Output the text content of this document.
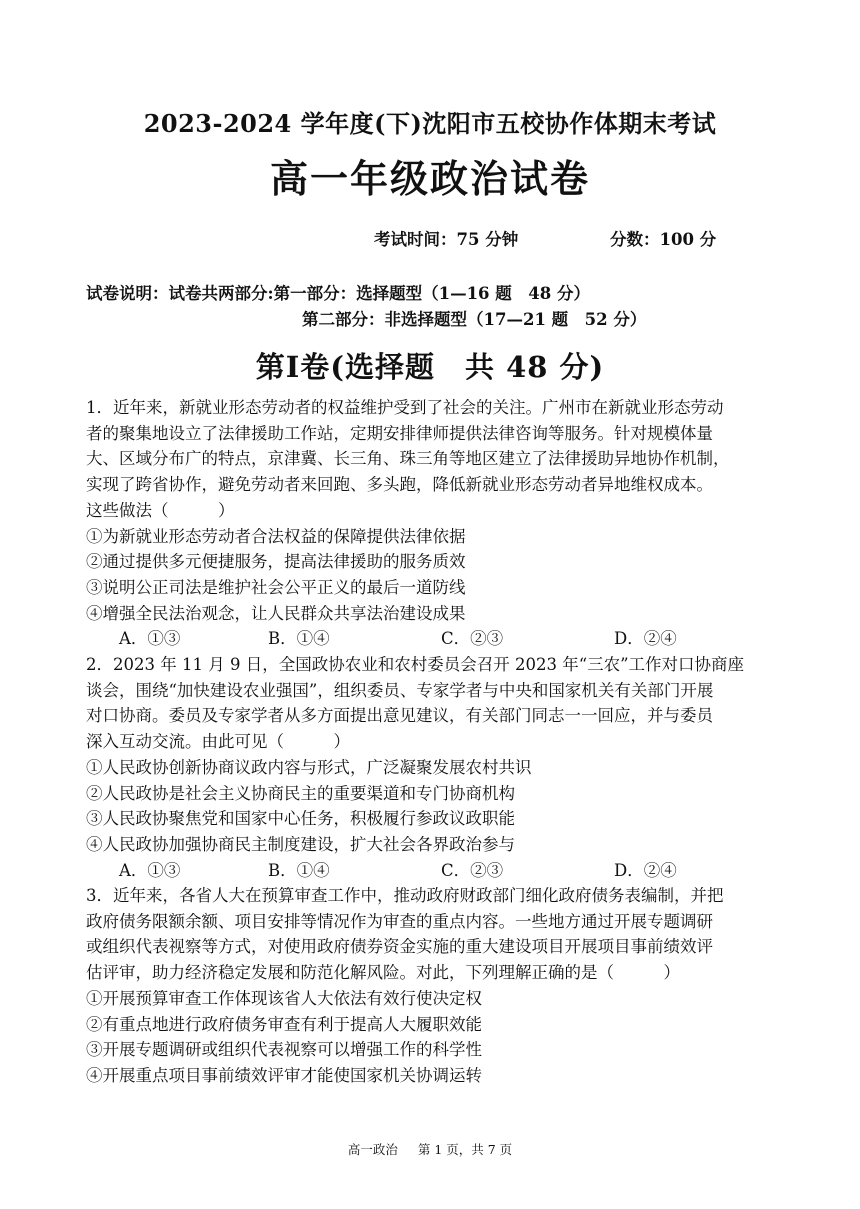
2023-2024 学年度(下)沈阳市五校协作体期末考试
高一年级政治试卷
考试时间：75 分钟	分数：100 分
试卷说明：试卷共两部分:第一部分：选择题型（1—16 题　48 分）
第二部分：非选择题型（17—21 题　52 分）
第Ⅰ卷(选择题　共 48 分)

1．近年来，新就业形态劳动者的权益维护受到了社会的关注。广州市在新就业形态劳动

者的聚集地设立了法律援助工作站，定期安排律师提供法律咨询等服务。针对规模体量

大、区域分布广的特点，京津冀、长三角、珠三角等地区建立了法律援助异地协作机制，

实现了跨省协作，避免劳动者来回跑、多头跑，降低新就业形态劳动者异地维权成本。

这些做法（　　　）

①为新就业形态劳动者合法权益的保障提供法律依据

②通过提供多元便捷服务，提高法律援助的服务质效

③说明公正司法是维护社会公平正义的最后一道防线

④增强全民法治观念，让人民群众共享法治建设成果

A．①③	B．①④	C．②③	D．②④

2．2023 年 11 月 9 日，全国政协农业和农村委员会召开 2023 年“三农”工作对口协商座

谈会，围绕“加快建设农业强国”，组织委员、专家学者与中央和国家机关有关部门开展

对口协商。委员及专家学者从多方面提出意见建议，有关部门同志一一回应，并与委员

深入互动交流。由此可见（　　　）

①人民政协创新协商议政内容与形式，广泛凝聚发展农村共识

②人民政协是社会主义协商民主的重要渠道和专门协商机构

③人民政协聚焦党和国家中心任务，积极履行参政议政职能

④人民政协加强协商民主制度建设，扩大社会各界政治参与

A．①③	B．①④	C．②③	D．②④

3．近年来，各省人大在预算审查工作中，推动政府财政部门细化政府债务表编制，并把

政府债务限额余额、项目安排等情况作为审查的重点内容。一些地方通过开展专题调研

或组织代表视察等方式，对使用政府债券资金实施的重大建设项目开展项目事前绩效评

估评审，助力经济稳定发展和防范化解风险。对此，下列理解正确的是（　　　）

①开展预算审查工作体现该省人大依法有效行使决定权

②有重点地进行政府债务审查有利于提高人大履职效能

③开展专题调研或组织代表视察可以增强工作的科学性

④开展重点项目事前绩效评审才能使国家机关协调运转

高一政治 第 1 页，共 7 页
